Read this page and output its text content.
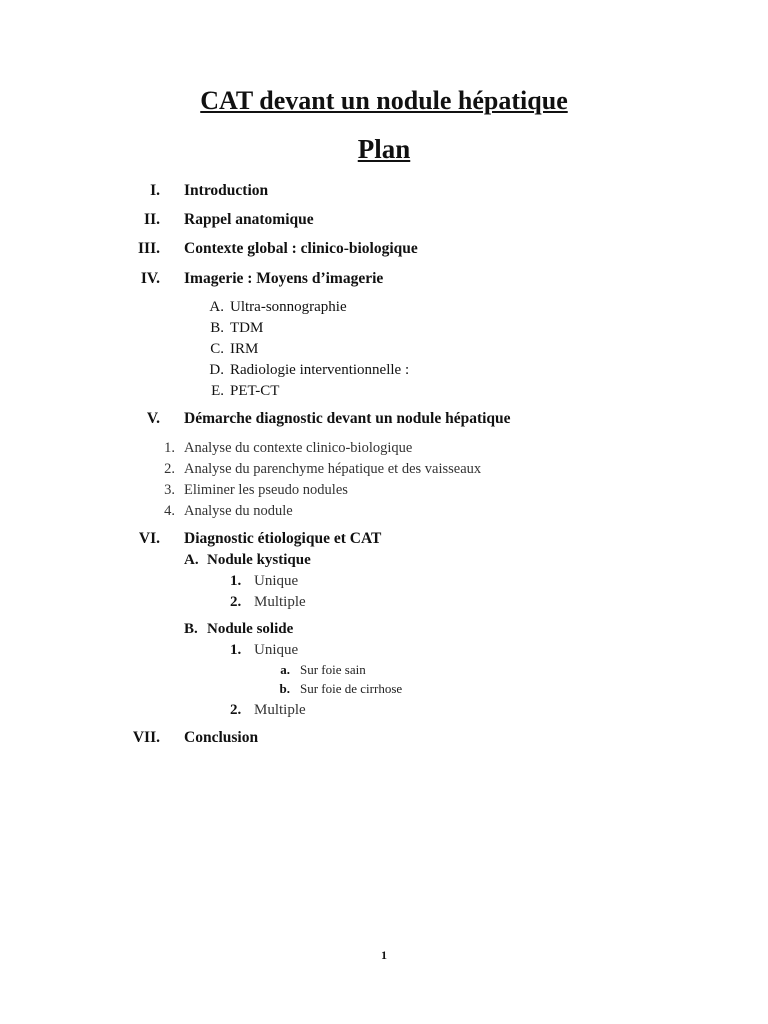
CAT devant un nodule hépatique
Plan
I. Introduction
II. Rappel anatomique
III. Contexte global : clinico-biologique
IV. Imagerie : Moyens d’imagerie
A. Ultra-sonnographie
B. TDM
C. IRM
D. Radiologie interventionnelle :
E. PET-CT
V. Démarche diagnostic devant un nodule hépatique
1. Analyse du contexte clinico-biologique
2. Analyse du parenchyme hépatique et des vaisseaux
3. Eliminer les pseudo nodules
4. Analyse du nodule
VI. Diagnostic étiologique et CAT
A. Nodule kystique
1. Unique
2. Multiple
B. Nodule solide
1. Unique
a. Sur foie sain
b. Sur foie de cirrhose
2. Multiple
VII. Conclusion
1
